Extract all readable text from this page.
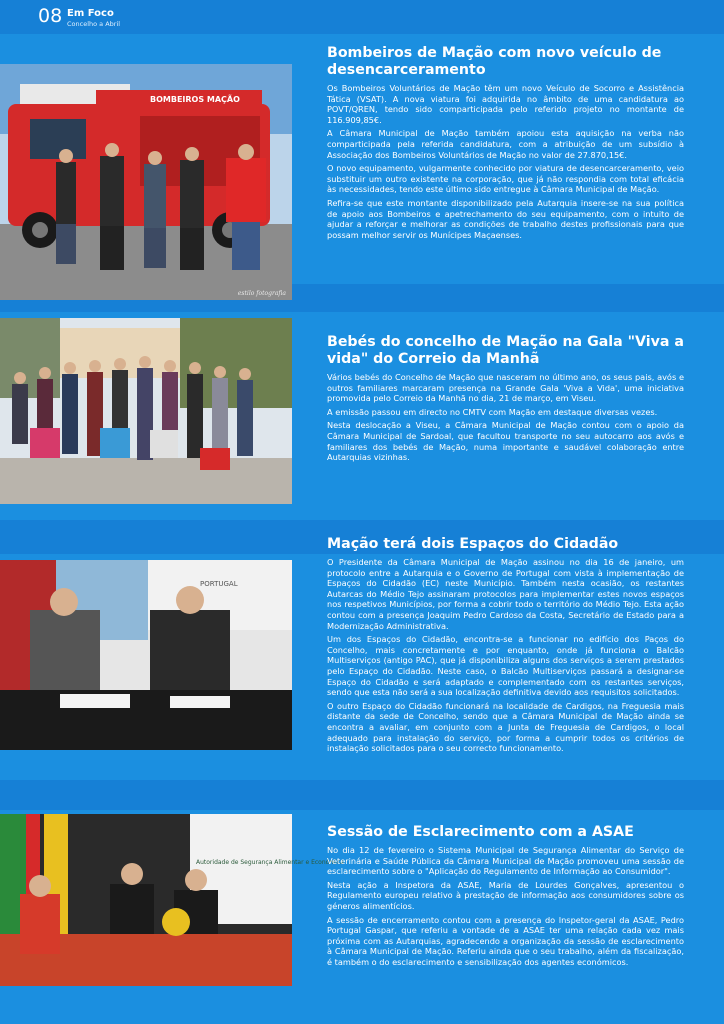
08 Em Foco
Concelho a Abril
BOMBEIROS MAÇÃO
estilo fotografia
Bombeiros de Mação com novo veículo de desencarceramento

Os Bombeiros Voluntários de Mação têm um novo Veículo de Socorro e Assistência Tática (VSAT). A nova viatura foi adquirida no âmbito de uma candidatura ao POVT/QREN, tendo sido comparticipada pelo referido projeto no montante de 116.909,85€.

A Câmara Municipal de Mação também apoiou esta aquisição na verba não comparticipada pela referida candidatura, com a atribuição de um subsídio à Associação dos Bombeiros Voluntários de Mação no valor de 27.870,15€.

O novo equipamento, vulgarmente conhecido por viatura de desencarceramento, veio substituir um outro existente na corporação, que já não respondia com total eficácia às necessidades, tendo este último sido entregue à Câmara Municipal de Mação.

Refira-se que este montante disponibilizado pela Autarquia insere-se na sua política de apoio aos Bombeiros e apetrechamento do seu equipamento, com o intuito de ajudar a reforçar e melhorar as condições de trabalho destes profissionais para que possam melhor servir os Munícipes Maçaenses.

Bebés do concelho de Mação na Gala "Viva a vida" do Correio da Manhã

Vários bebés do Concelho de Mação que nasceram no último ano, os seus pais, avós e outros familiares marcaram presença na Grande Gala 'Viva a Vida', uma iniciativa promovida pelo Correio da Manhã no dia, 21 de março, em Viseu.

A emissão passou em directo no CMTV com Mação em destaque diversas vezes.

Nesta deslocação a Viseu, a Câmara Municipal de Mação contou com o apoio da Câmara Municipal de Sardoal, que facultou transporte no seu autocarro aos avós e familiares dos bebés de Mação, numa importante e saudável colaboração entre Autarquias vizinhas.

PORTUGAL
Mação terá dois Espaços do Cidadão

O Presidente da Câmara Municipal de Mação assinou no dia 16 de janeiro, um protocolo entre a Autarquia e o Governo de Portugal com vista à implementação de Espaços do Cidadão (EC) neste Município. Também nesta ocasião, os restantes Autarcas do Médio Tejo assinaram protocolos para implementar estes novos espaços nos respetivos Municípios, por forma a cobrir todo o território do Médio Tejo. Esta ação contou com a presença Joaquim Pedro Cardoso da Costa, Secretário de Estado para a Modernização Administrativa.

Um dos Espaços do Cidadão, encontra-se a funcionar no edifício dos Paços do Concelho, mais concretamente e por enquanto, onde já funciona o Balcão Multiserviços (antigo PAC), que já disponibiliza alguns dos serviços a serem prestados pelo Espaço do Cidadão. Neste caso, o Balcão Multiserviços passará a designar-se Espaço do Cidadão e será adaptado e complementado com os restantes serviços, sendo que esta não será a sua localização definitiva devido aos requisitos solicitados.

O outro Espaço do Cidadão funcionará na localidade de Cardigos, na Freguesia mais distante da sede de Concelho, sendo que a Câmara Municipal de Mação ainda se encontra a avaliar, em conjunto com a Junta de Freguesia de Cardigos, o local adequado para instalação do serviço, por forma a cumprir todos os critérios de instalação solicitados para o seu correcto funcionamento.

Autoridade de Segurança Alimentar e Económica
Sessão de Esclarecimento com a ASAE

No dia 12 de fevereiro o Sistema Municipal de Segurança Alimentar do Serviço de Veterinária e Saúde Pública da Câmara Municipal de Mação promoveu uma sessão de esclarecimento sobre o "Aplicação do Regulamento de Informação ao Consumidor".

Nesta ação a Inspetora da ASAE, Maria de Lourdes Gonçalves, apresentou o Regulamento europeu relativo à prestação de informação aos consumidores sobre os géneros alimentícios.

A sessão de encerramento contou com a presença do Inspetor-geral da ASAE, Pedro Portugal Gaspar, que referiu a vontade de a ASAE ter uma relação cada vez mais próxima com as Autarquias, agradecendo a organização da sessão de esclarecimento à Câmara Municipal de Mação. Referiu ainda que o seu trabalho, além da fiscalização, é também o do esclarecimento e sensibilização dos agentes económicos.
